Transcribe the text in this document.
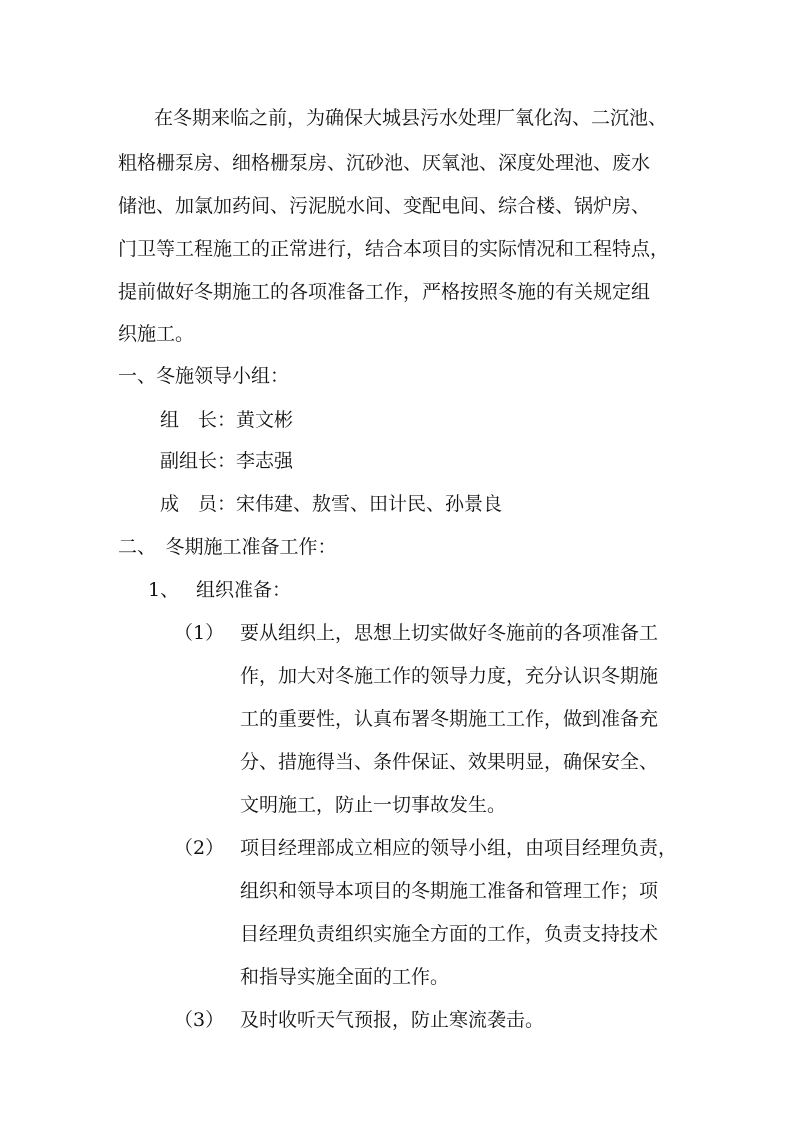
在冬期来临之前，为确保大城县污水处理厂氧化沟、二沉池、

粗格栅泵房、细格栅泵房、沉砂池、厌氧池、深度处理池、废水

储池、加氯加药间、污泥脱水间、变配电间、综合楼、锅炉房、

门卫等工程施工的正常进行，结合本项目的实际情况和工程特点，

提前做好冬期施工的各项准备工作，严格按照冬施的有关规定组

织施工。

一、冬施领导小组：

组　长：黄文彬

副组长：李志强

成　员：宋伟建、敖雪、田计民、孙景良

二、　冬期施工准备工作：

1、 组织准备：

（1） 要从组织上，思想上切实做好冬施前的各项准备工

作，加大对冬施工作的领导力度，充分认识冬期施

工的重要性，认真布署冬期施工工作，做到准备充

分、措施得当、条件保证、效果明显，确保安全、

文明施工，防止一切事故发生。

（2） 项目经理部成立相应的领导小组，由项目经理负责，

组织和领导本项目的冬期施工准备和管理工作；项

目经理负责组织实施全方面的工作，负责支持技术

和指导实施全面的工作。

（3） 及时收听天气预报，防止寒流袭击。
